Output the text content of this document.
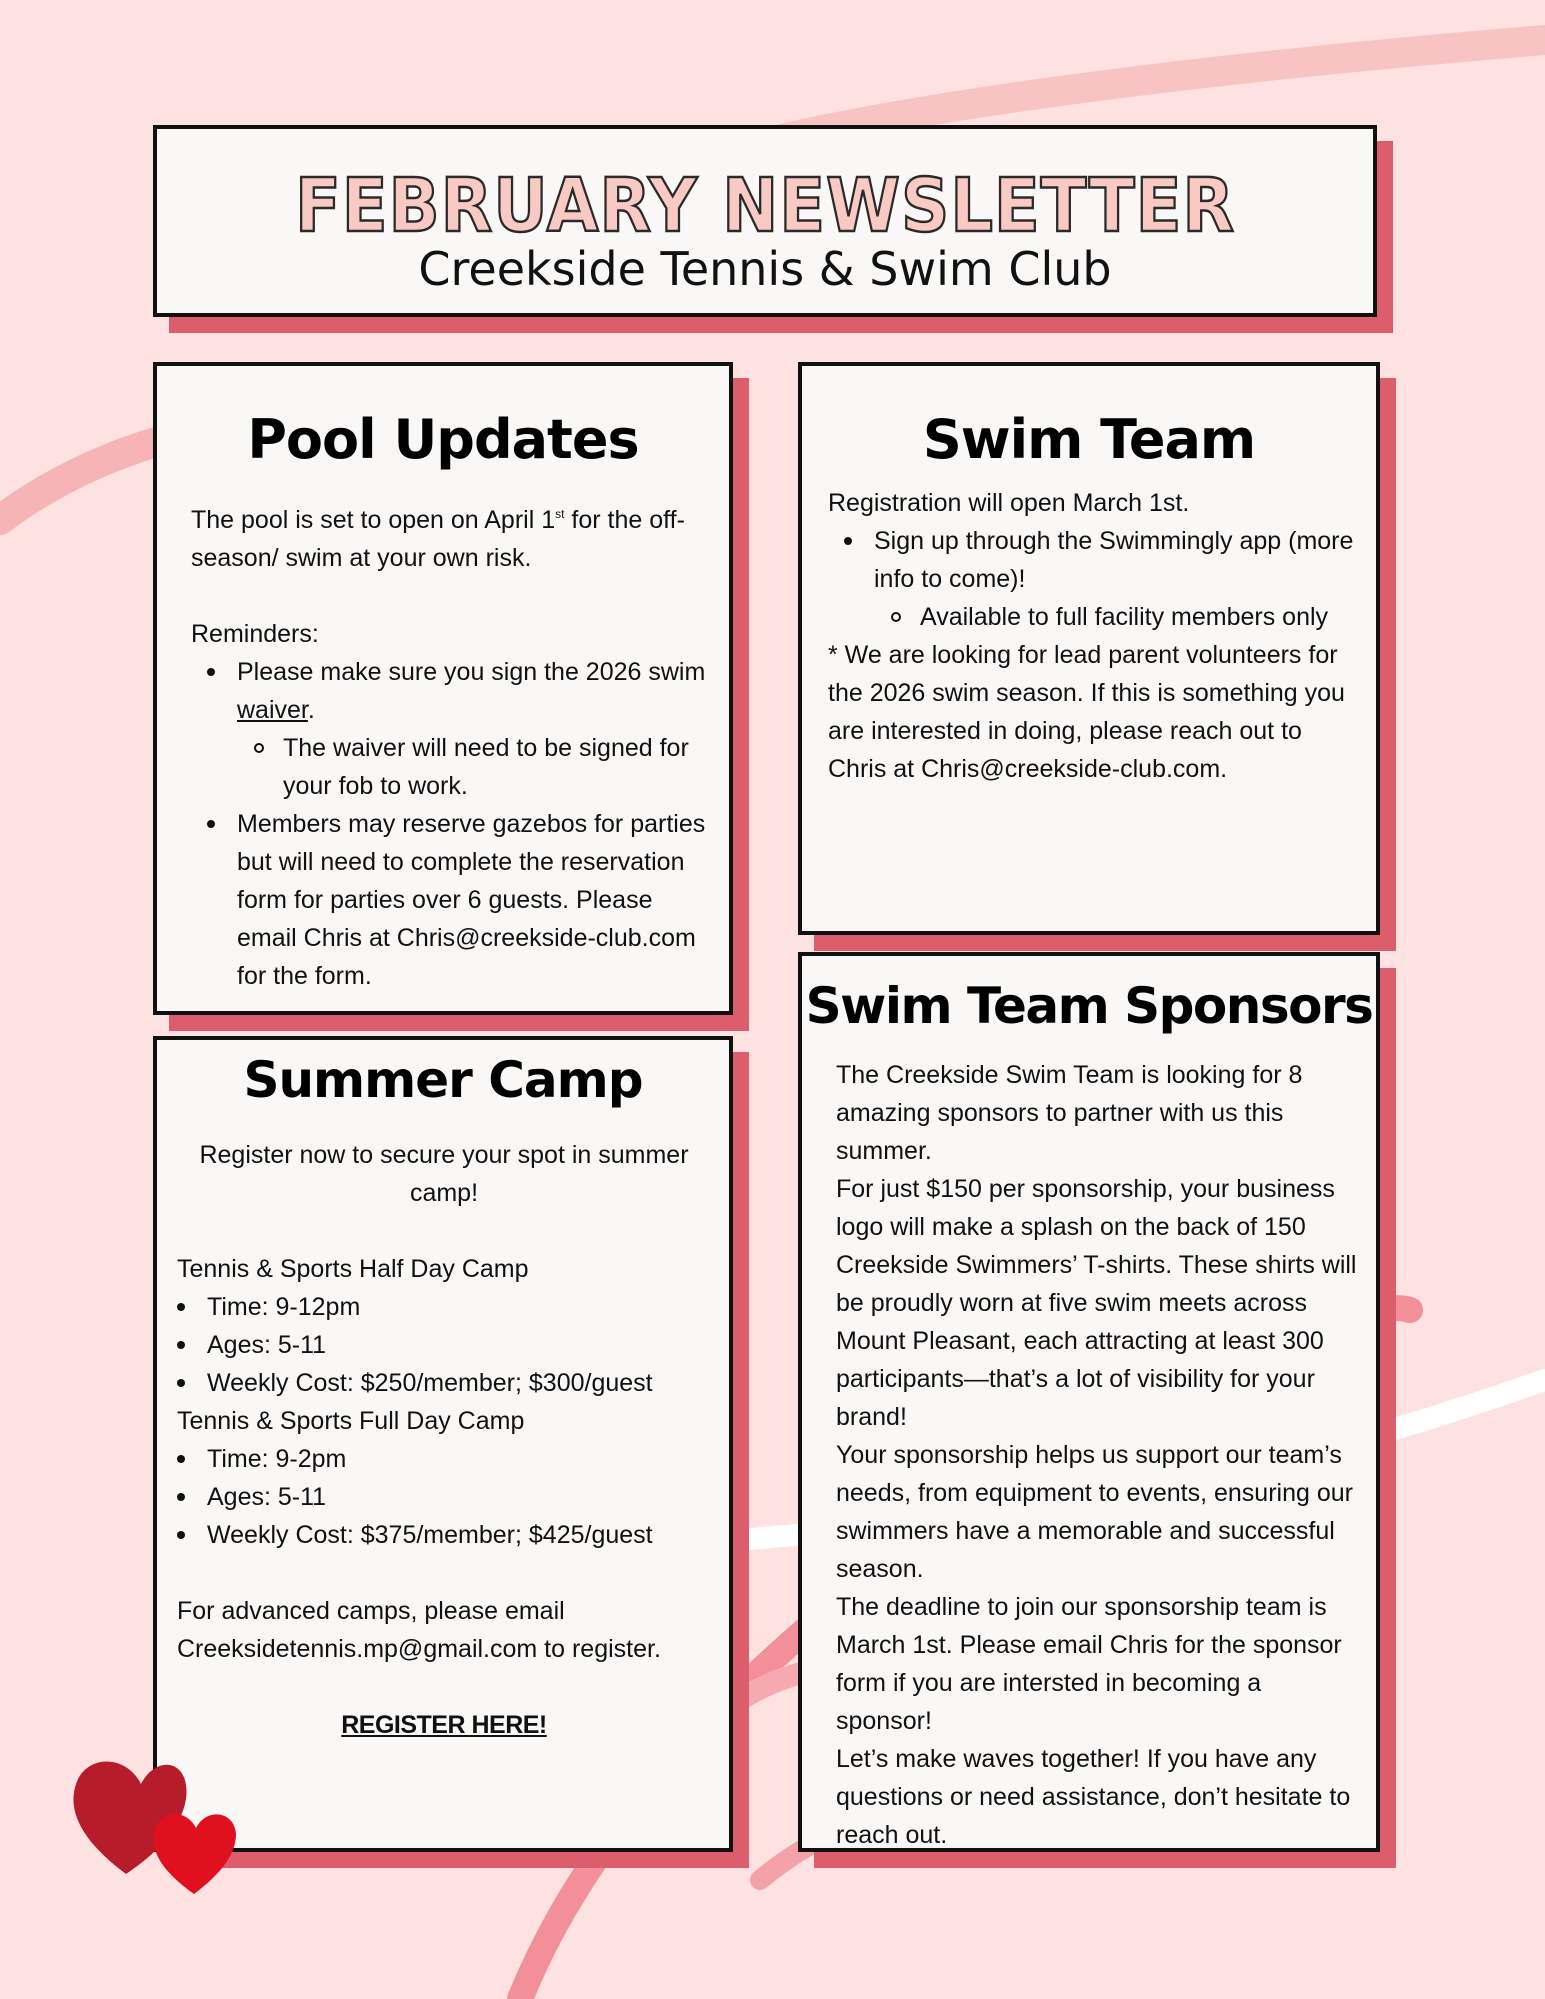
FEBRUARY NEWSLETTER
Creekside Tennis & Swim Club
Pool Updates

The pool is set to open on April 1st for the off-season/ swim at your own risk.

Reminders:

Please make sure you sign the 2026 swim waiver.
The waiver will need to be signed for your fob to work.
Members may reserve gazebos for parties but will need to complete the reservation form for parties over 6 guests. Please email Chris at Chris@creekside-club.com for the form.
Swim Team

Registration will open March 1st.

Sign up through the Swimmingly app (more info to come)!
Available to full facility members only

* We are looking for lead parent volunteers for the 2026 swim season. If this is something you are interested in doing, please reach out to Chris at Chris@creekside-club.com.

Summer Camp

Register now to secure your spot in summer camp!

Tennis & Sports Half Day Camp

Time: 9-12pm
Ages: 5-11
Weekly Cost: $250/member; $300/guest

Tennis & Sports Full Day Camp

Time: 9-2pm
Ages: 5-11
Weekly Cost: $375/member; $425/guest

For advanced camps, please email Creeksidetennis.mp@gmail.com to register.

REGISTER HERE!
Swim Team Sponsors

The Creekside Swim Team is looking for 8 amazing sponsors to partner with us this summer.

For just $150 per sponsorship, your business logo will make a splash on the back of 150 Creekside Swimmers’ T-shirts. These shirts will be proudly worn at five swim meets across Mount Pleasant, each attracting at least 300 participants—that’s a lot of visibility for your brand!

Your sponsorship helps us support our team’s needs, from equipment to events, ensuring our swimmers have a memorable and successful season.

The deadline to join our sponsorship team is March 1st. Please email Chris for the sponsor form if you are intersted in becoming a sponsor!

Let’s make waves together! If you have any questions or need assistance, don’t hesitate to reach out.
